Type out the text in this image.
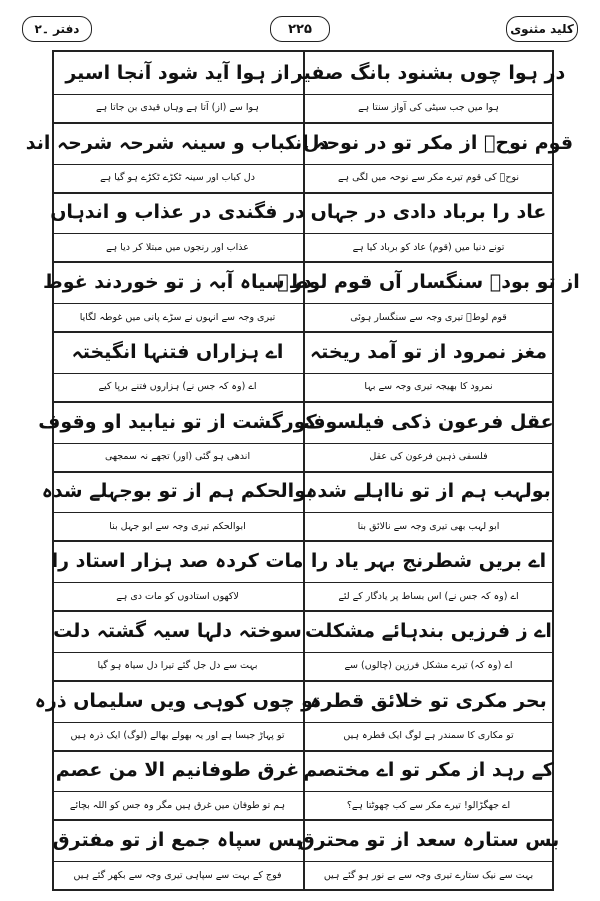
دفتر ۔۲	۲۲۵	کلید مثنوی
در ہوا چوں بشنود بانگ صفیر
ہوا میں جب سیٹی کی آواز سنتا ہے
از ہوا آید شود آنجا اسیر
ہوا سے (از) آتا ہے وہاں قیدی بن جاتا ہے
قوم نوحؑ از مکر تو در نوحہ اند
نوحؑ کی قوم تیرے مکر سے نوحہ میں لگی ہے
دل کباب و سینہ شرحہ شرحہ اند
دل کباب اور سینہ ٹکڑے ٹکڑے ہو گیا ہے
عاد را برباد دادی در جہاں
تونے دنیا میں (قوم) عاد کو برباد کیا ہے
در فگندی در عذاب و اندہاں
عذاب اور رنجوں میں مبتلا کر دیا ہے
از تو بودہ سنگسار آں قوم لوطؑ
قوم لوطؑ تیری وجہ سے سنگسار ہوئی
در سیاہ آبہ ز تو خوردند غوط
تیری وجہ سے انہوں نے سڑے پانی میں غوطہ لگایا
مغز نمرود از تو آمد ریختہ
نمرود کا بھیجہ تیری وجہ سے بہا
اے ہزاراں فتنہا انگیختہ
اے (وہ کہ جس نے) ہزاروں فتنے برپا کیے
عقل فرعون ذکی فیلسوف
فلسفی ذہین فرعون کی عقل
کورگشت از تو نیابید او وقوف
اندھی ہو گئی (اور) تجھے نہ سمجھی
بولہب ہم از تو نااہلے شدہ
ابو لہب بھی تیری وجہ سے نالائق بنا
بوالحکم ہم از تو بوجہلے شدہ
ابوالحکم تیری وجہ سے ابو جہل بنا
اے بریں شطرنج بہر یاد را
اے (وہ کہ جس نے) اس بساط پر یادگار کے لئے
مات کردہ صد ہزار استاد را
لاکھوں استادوں کو مات دی ہے
اے ز فرزیں بندہائے مشکلت
اے (وہ کہ) تیرے مشکل فرزین (چالوں) سے
سوختہ دلہا سیہ گشتہ دلت
بہت سے دل جل گئے تیرا دل سیاہ ہو گیا
بحر مکری تو خلائق قطرہ
تو مکاری کا سمندر ہے لوگ ایک قطرہ ہیں
تو چوں کوہی ویں سلیماں ذرہ
تو پہاڑ جیسا ہے اور یہ بھولے بھالے (لوگ) ایک ذرہ ہیں
کے رہد از مکر تو اے مختصم
اے جھگڑالو! تیرے مکر سے کب چھوٹتا ہے؟
غرق طوفانیم الا من عصم
ہم تو طوفان میں غرق ہیں مگر وہ جس کو اللہ بچائے
بس ستارہ سعد از تو محترق
بہت سے نیک ستارے تیری وجہ سے بے نور ہو گئے ہیں
بس سپاہ جمع از تو مفترق
فوج کے بہت سے سپاہی تیری وجہ سے بکھر گئے ہیں
